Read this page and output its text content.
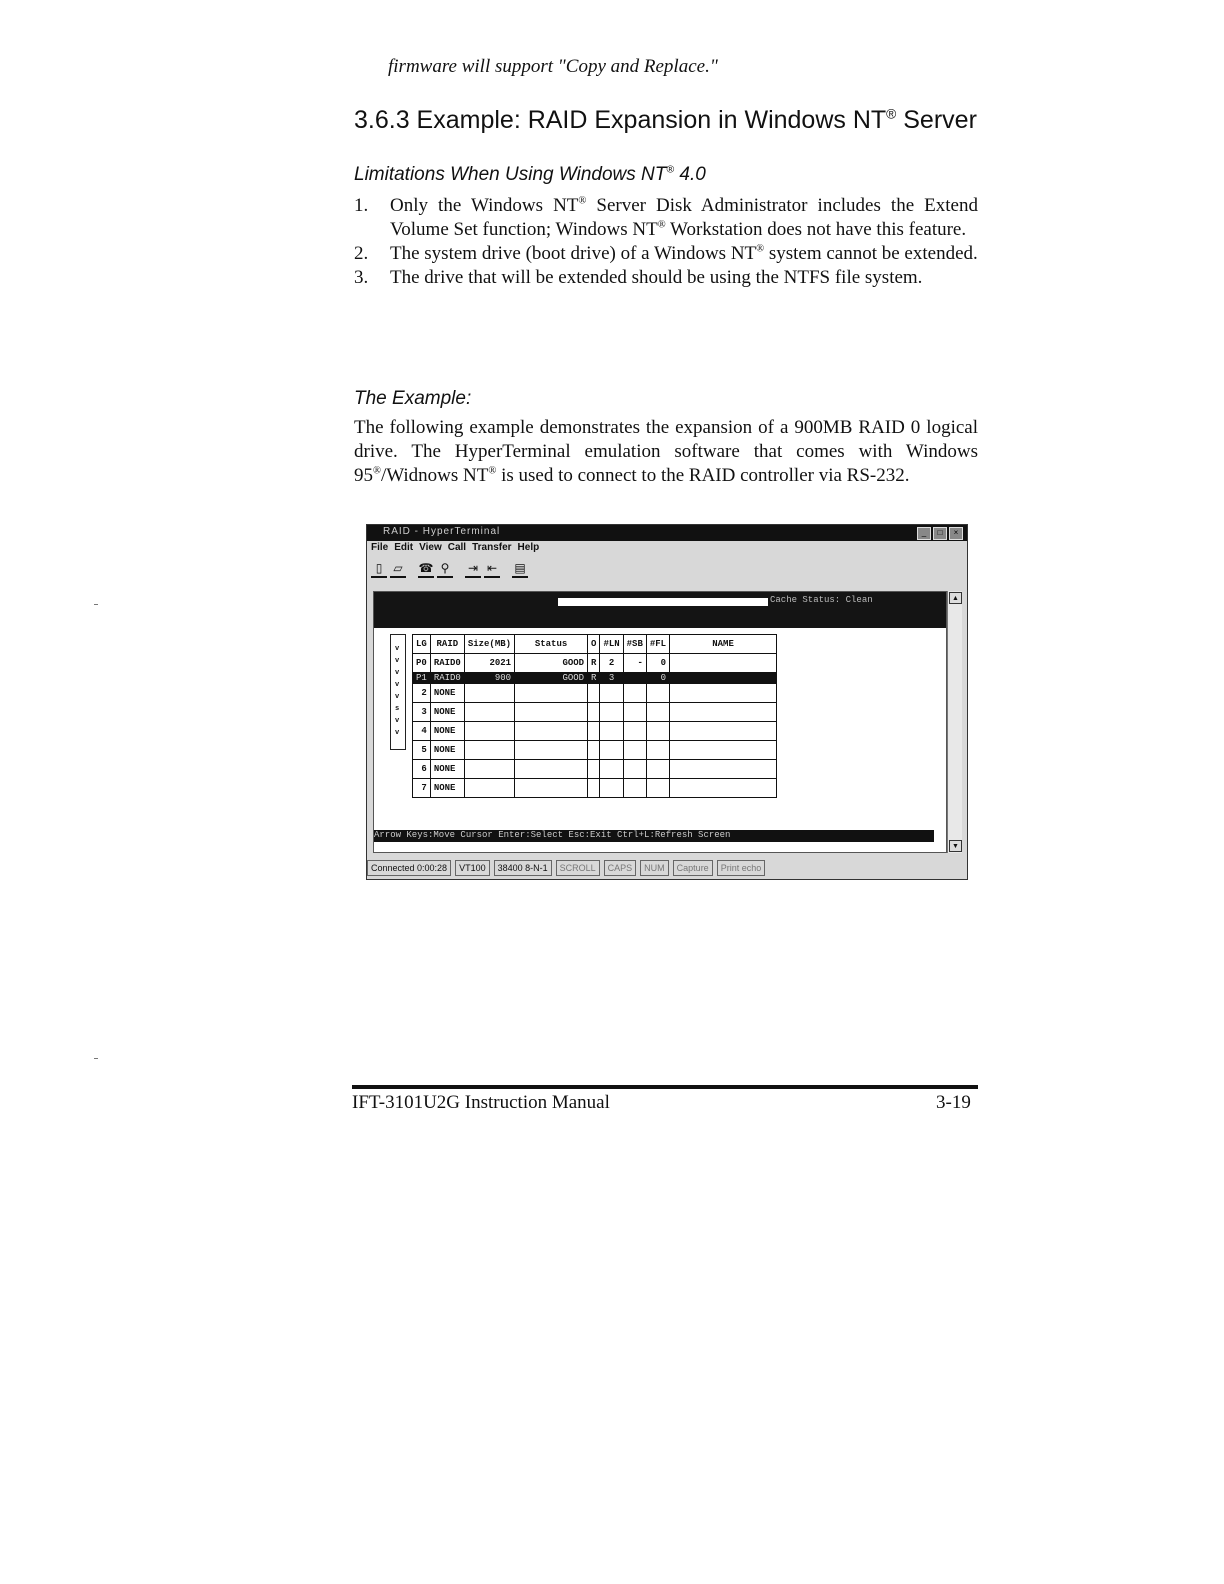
firmware will support "Copy and Replace."
3.6.3 Example: RAID Expansion in Windows NT® Server
Limitations When Using Windows NT® 4.0
1. Only the Windows NT® Server Disk Administrator includes the Extend Volume Set function; Windows NT® Workstation does not have this feature.
2. The system drive (boot drive) of a Windows NT® system cannot be extended.
3. The drive that will be extended should be using the NTFS file system.
The Example:
The following example demonstrates the expansion of a 900MB RAID 0 logical drive. The HyperTerminal emulation software that comes with Windows 95®/Widnows NT® is used to connect to the RAID controller via RS-232.
RAID - HyperTerminal	_	□	×
File Edit View Call Transfer Help
▯ ▱ ☎ ⚲	⇥ ⇤ ▤
Cache Status: Clean
v
v
v
v
v
s
v
v
LG	RAID	Size(MB)	Status	O	#LN	#SB	#FL	NAME
P0	RAID0	2021	GOOD	R	2	-	0	
P1	RAID0	900	GOOD	R	3		0	
2	NONE							
3	NONE							
4	NONE							
5	NONE							
6	NONE							
7	NONE							
Arrow Keys:Move Cursor Enter:Select Esc:Exit Ctrl+L:Refresh Screen
▲
▼
Connected 0:00:28	VT100	38400 8-N-1	SCROLL	CAPS	NUM	Capture	Print echo
IFT-3101U2G Instruction Manual	3-19
